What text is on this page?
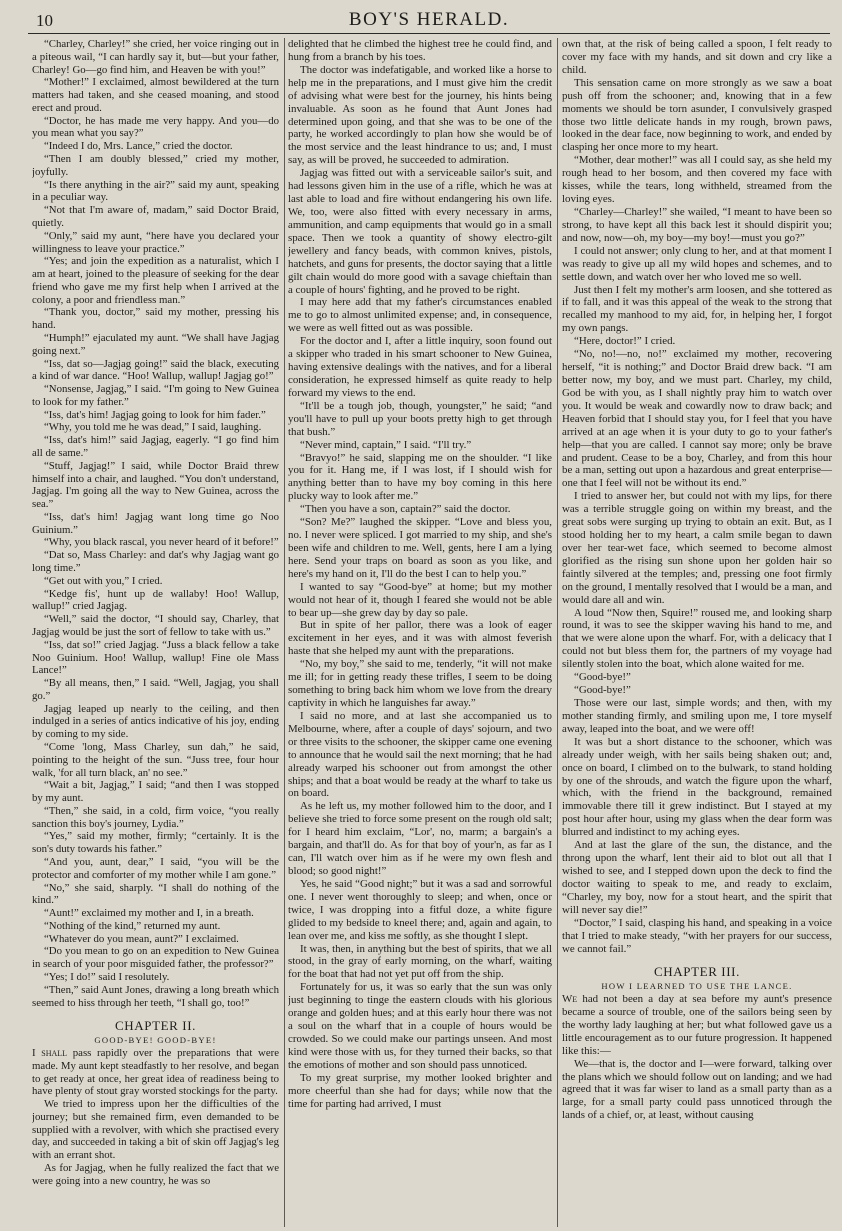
10	BOY'S HERALD.

“Charley, Charley!” she cried, her voice ringing out in a piteous wail, “I can hardly say it, but—but your father, Charley! Go—go find him, and Heaven be with you!”

“Mother!” I exclaimed, almost bewildered at the turn matters had taken, and she ceased moaning, and stood erect and proud.

“Doctor, he has made me very happy. And you—do you mean what you say?”

“Indeed I do, Mrs. Lance,” cried the doctor.

“Then I am doubly blessed,” cried my mother, joyfully.

“Is there anything in the air?” said my aunt, speaking in a peculiar way.

“Not that I'm aware of, madam,” said Doctor Braid, quietly.

“Only,” said my aunt, “here have you declared your willingness to leave your practice.”

“Yes; and join the expedition as a naturalist, which I am at heart, joined to the pleasure of seeking for the dear friend who gave me my first help when I arrived at the colony, a poor and friendless man.”

“Thank you, doctor,” said my mother, pressing his hand.

“Humph!” ejaculated my aunt. “We shall have Jagjag going next.”

“Iss, dat so—Jagjag going!” said the black, executing a kind of war dance. “Hoo! Wallup, wallup! Jagjag go!”

“Nonsense, Jagjag,” I said. “I'm going to New Guinea to look for my father.”

“Iss, dat's him! Jagjag going to look for him fader.”

“Why, you told me he was dead,” I said, laughing.

“Iss, dat's him!” said Jagjag, eagerly. “I go find him all de same.”

“Stuff, Jagjag!” I said, while Doctor Braid threw himself into a chair, and laughed. “You don't understand, Jagjag. I'm going all the way to New Guinea, across the sea.”

“Iss, dat's him! Jagjag want long time go Noo Guinium.”

“Why, you black rascal, you never heard of it before!”

“Dat so, Mass Charley: and dat's why Jagjag want go long time.”

“Get out with you,” I cried.

“Kedge fis', hunt up de wallaby! Hoo! Wallup, wallup!” cried Jagjag.

“Well,” said the doctor, “I should say, Charley, that Jagjag would be just the sort of fellow to take with us.”

“Iss, dat so!” cried Jagjag. “Juss a black fellow a take Noo Guinium. Hoo! Wallup, wallup! Fine ole Mass Lance!”

“By all means, then,” I said. “Well, Jagjag, you shall go.”

Jagjag leaped up nearly to the ceiling, and then indulged in a series of antics indicative of his joy, ending by coming to my side.

“Come 'long, Mass Charley, sun dah,” he said, pointing to the height of the sun. “Juss tree, four hour walk, 'for all turn black, an' no see.”

“Wait a bit, Jagjag,” I said; “and then I was stopped by my aunt.

“Then,” she said, in a cold, firm voice, “you really sanction this boy's journey, Lydia.”

“Yes,” said my mother, firmly; “certainly. It is the son's duty towards his father.”

“And you, aunt, dear,” I said, “you will be the protector and comforter of my mother while I am gone.”

“No,” she said, sharply. “I shall do nothing of the kind.”

“Aunt!” exclaimed my mother and I, in a breath.

“Nothing of the kind,” returned my aunt.

“Whatever do you mean, aunt?” I exclaimed.

“Do you mean to go on an expedition to New Guinea in search of your poor misguided father, the professor?”

“Yes; I do!” said I resolutely.

“Then,” said Aunt Jones, drawing a long breath which seemed to hiss through her teeth, “I shall go, too!”

CHAPTER II.
GOOD-BYE! GOOD-BYE!

I shall pass rapidly over the preparations that were made. My aunt kept steadfastly to her resolve, and began to get ready at once, her great idea of readiness being to have plenty of stout gray worsted stockings for the party.

We tried to impress upon her the difficulties of the journey; but she remained firm, even demanded to be supplied with a revolver, with which she practised every day, and succeeded in taking a bit of skin off Jagjag's leg with an errant shot.

As for Jagjag, when he fully realized the fact that we were going into a new country, he was so

delighted that he climbed the highest tree he could find, and hung from a branch by his toes.

The doctor was indefatigable, and worked like a horse to help me in the preparations, and I must give him the credit of advising what were best for the journey, his hints being invaluable. As soon as he found that Aunt Jones had determined upon going, and that she was to be one of the party, he worked accordingly to plan how she would be of the most service and the least hindrance to us; and, I must say, as will be proved, he succeeded to admiration.

Jagjag was fitted out with a serviceable sailor's suit, and had lessons given him in the use of a rifle, which he was at last able to load and fire without endangering his own life. We, too, were also fitted with every necessary in arms, ammunition, and camp equipments that would go in a small space. Then we took a quantity of showy electro-gilt jewellery and fancy beads, with common knives, pistols, hatchets, and guns for presents, the doctor saying that a little gilt chain would do more good with a savage chieftain than a couple of hours' fighting, and he proved to be right.

I may here add that my father's circumstances enabled me to go to almost unlimited expense; and, in consequence, we were as well fitted out as was possible.

For the doctor and I, after a little inquiry, soon found out a skipper who traded in his smart schooner to New Guinea, having extensive dealings with the natives, and for a liberal consideration, he expressed himself as quite ready to help forward my views to the end.

“It'll be a tough job, though, youngster,” he said; “and you'll have to pull up your boots pretty high to get through that bush.”

“Never mind, captain,” I said. “I'll try.”

“Bravyo!” he said, slapping me on the shoulder. “I like you for it. Hang me, if I was lost, if I should wish for anything better than to have my boy coming in this here plucky way to look after me.”

“Then you have a son, captain?” said the doctor.

“Son? Me?” laughed the skipper. “Love and bless you, no. I never were spliced. I got married to my ship, and she's been wife and children to me. Well, gents, here I am a lying here. Send your traps on board as soon as you like, and here's my hand on it, I'll do the best I can to help you.”

I wanted to say “Good-bye” at home; but my mother would not hear of it, though I feared she would not be able to bear up—she grew day by day so pale.

But in spite of her pallor, there was a look of eager excitement in her eyes, and it was with almost feverish haste that she helped my aunt with the preparations.

“No, my boy,” she said to me, tenderly, “it will not make me ill; for in getting ready these trifles, I seem to be doing something to bring back him whom we love from the dreary captivity in which he languishes far away.”

I said no more, and at last she accompanied us to Melbourne, where, after a couple of days' sojourn, and two or three visits to the schooner, the skipper came one evening to announce that he would sail the next morning; that he had already warped his schooner out from amongst the other ships; and that a boat would be ready at the wharf to take us on board.

As he left us, my mother followed him to the door, and I believe she tried to force some present on the rough old salt; for I heard him exclaim, “Lor', no, marm; a bargain's a bargain, and that'll do. As for that boy of your'n, as far as I can, I'll watch over him as if he were my own flesh and blood; so good night!”

Yes, he said “Good night;” but it was a sad and sorrowful one. I never went thoroughly to sleep; and when, once or twice, I was dropping into a fitful doze, a white figure glided to my bedside to kneel there; and, again and again, to lean over me, and kiss me softly, as she thought I slept.

It was, then, in anything but the best of spirits, that we all stood, in the gray of early morning, on the wharf, waiting for the boat that had not yet put off from the ship.

Fortunately for us, it was so early that the sun was only just beginning to tinge the eastern clouds with his glorious orange and golden hues; and at this early hour there was not a soul on the wharf that in a couple of hours would be crowded. So we could make our partings unseen. And most kind were those with us, for they turned their backs, so that the emotions of mother and son should pass unnoticed.

To my great surprise, my mother looked brighter and more cheerful than she had for days; while now that the time for parting had arrived, I must

own that, at the risk of being called a spoon, I felt ready to cover my face with my hands, and sit down and cry like a child.

This sensation came on more strongly as we saw a boat push off from the schooner; and, knowing that in a few moments we should be torn asunder, I convulsively grasped those two little delicate hands in my rough, brown paws, looked in the dear face, now beginning to work, and ended by clasping her once more to my heart.

“Mother, dear mother!” was all I could say, as she held my rough head to her bosom, and then covered my face with kisses, while the tears, long withheld, streamed from the loving eyes.

“Charley—Charley!” she wailed, “I meant to have been so strong, to have kept all this back lest it should dispirit you; and now, now—oh, my boy—my boy!—must you go?”

I could not answer; only clung to her, and at that moment I was ready to give up all my wild hopes and schemes, and to settle down, and watch over her who loved me so well.

Just then I felt my mother's arm loosen, and she tottered as if to fall, and it was this appeal of the weak to the strong that recalled my manhood to my aid, for, in helping her, I forgot my own pangs.

“Here, doctor!” I cried.

“No, no!—no, no!” exclaimed my mother, recovering herself, “it is nothing;” and Doctor Braid drew back. “I am better now, my boy, and we must part. Charley, my child, God be with you, as I shall nightly pray him to watch over you. It would be weak and cowardly now to draw back; and Heaven forbid that I should stay you, for I feel that you have arrived at an age when it is your duty to go to your father's help—that you are called. I cannot say more; only be brave and prudent. Cease to be a boy, Charley, and from this hour be a man, setting out upon a hazardous and great enterprise—one that I feel will not be without its end.”

I tried to answer her, but could not with my lips, for there was a terrible struggle going on within my breast, and the great sobs were surging up trying to obtain an exit. But, as I stood holding her to my heart, a calm smile began to dawn over her tear-wet face, which seemed to become almost glorified as the rising sun shone upon her golden hair so faintly silvered at the temples; and, pressing one foot firmly on the ground, I mentally resolved that I would be a man, and would dare all and win.

A loud “Now then, Squire!” roused me, and looking sharp round, it was to see the skipper waving his hand to me, and that we were alone upon the wharf. For, with a delicacy that I could not but bless them for, the partners of my voyage had silently stolen into the boat, which alone waited for me.

“Good-bye!”

“Good-bye!”

Those were our last, simple words; and then, with my mother standing firmly, and smiling upon me, I tore myself away, leaped into the boat, and we were off!

It was but a short distance to the schooner, which was already under weigh, with her sails being shaken out; and, once on board, I climbed on to the bulwark, to stand holding by one of the shrouds, and watch the figure upon the wharf, which, with the friend in the background, remained immovable there till it grew indistinct. But I stayed at my post hour after hour, using my glass when the dear form was blurred and indistinct to my aching eyes.

And at last the glare of the sun, the distance, and the throng upon the wharf, lent their aid to blot out all that I wished to see, and I stepped down upon the deck to find the doctor waiting to speak to me, and ready to exclaim, “Charley, my boy, now for a stout heart, and the spirit that will never say die!”

“Doctor,” I said, clasping his hand, and speaking in a voice that I tried to make steady, “with her prayers for our success, we cannot fail.”

CHAPTER III.
HOW I LEARNED TO USE THE LANCE.

We had not been a day at sea before my aunt's presence became a source of trouble, one of the sailors being seen by the worthy lady laughing at her; but what followed gave us a little encouragement as to our future progression. It happened like this:—

We—that is, the doctor and I—were forward, talking over the plans which we should follow out on landing; and we had agreed that it was far wiser to land as a small party than as a large, for a small party could pass unnoticed through the lands of a chief, or, at least, without causing
